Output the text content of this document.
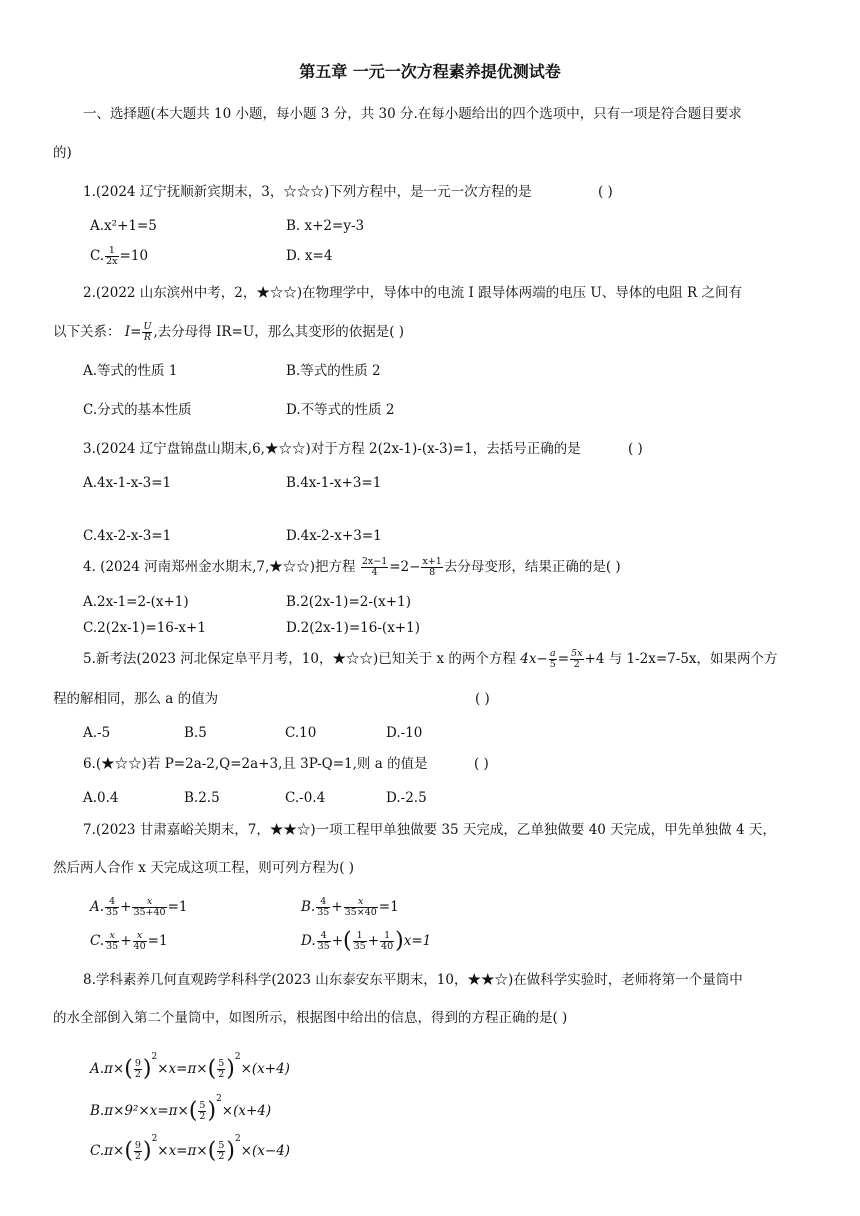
第五章 一元一次方程素养提优测试卷
一、选择题(本大题共 10 小题，每小题 3 分，共 30 分.在每小题给出的四个选项中，只有一项是符合题目要求
的)
1.(2024 辽宁抚顺新宾期末，3，☆☆☆)下列方程中，是一元一次方程的是	( )
A.x²+1=5	B. x+2=y-3
C. $\frac{1}{2x} =10$	D. x=4
2.(2022 山东滨州中考，2，★☆☆)在物理学中，导体中的电流 I 跟导体两端的电压 U、导体的电阻 R 之间有
以下关系： $I= \frac{U}{R}$ ,去分母得 IR=U，那么其变形的依据是( )
A.等式的性质 1	B.等式的性质 2
C.分式的基本性质	D.不等式的性质 2
3.(2024 辽宁盘锦盘山期末,6,★☆☆)对于方程 2(2x-1)-(x-3)=1，去括号正确的是	( )
A.4x-1-x-3=1	B.4x-1-x+3=1
C.4x-2-x-3=1	D.4x-2-x+3=1
4. (2024 河南郑州金水期末,7,★☆☆)把方程 $\frac{2x-1}{4} =2- \frac{x+1}{8}$ 去分母变形，结果正确的是( )
A.2x-1=2-(x+1)	B.2(2x-1)=2-(x+1)
C.2(2x-1)=16-x+1	D.2(2x-1)=16-(x+1)
5.新考法(2023 河北保定阜平月考，10，★☆☆)已知关于 x 的两个方程 $4x- \frac{a}{5} = \frac{5x}{2} +4$ 与 1-2x=7-5x，如果两个方
程的解相同，那么 a 的值为	( )
A.-5	B.5	C.10	D.-10
6.(★☆☆)若 P=2a-2,Q=2a+3,且 3P-Q=1,则 a 的值是	( )
A.0.4	B.2.5	C.-0.4	D.-2.5
7.(2023 甘肃嘉峪关期末，7，★★☆)一项工程甲单独做要 35 天完成，乙单独做要 40 天完成，甲先单独做 4 天，
然后两人合作 x 天完成这项工程，则可列方程为( )
A. $\frac{4}{35} + \frac{x}{35+40} =1$	B. $\frac{4}{35} + \frac{x}{35\times 40} =1$
C. $\frac{x}{35} + \frac{x}{40} =1$	D. $\frac{4}{35}$ +( $\frac{1}{35} + \frac{1}{40} )x=1$
8.学科素养几何直观跨学科科学(2023 山东泰安东平期末，10，★★☆)在做科学实验时，老师将第一个量筒中
的水全部倒入第二个量筒中，如图所示，根据图中给出的信息，得到的方程正确的是( )
$A.\pi\times( \frac{9}{2} )^2\times x=\pi\times( \frac{5}{2} )^2\times(x+4)$
$B.\pi\times 9^2\times x=\pi\times( \frac{5}{2} )^2\times(x+4)$
$C.\pi\times( \frac{9}{2} )^2\times x=\pi\times( \frac{5}{2} )^2\times(x-4)$
